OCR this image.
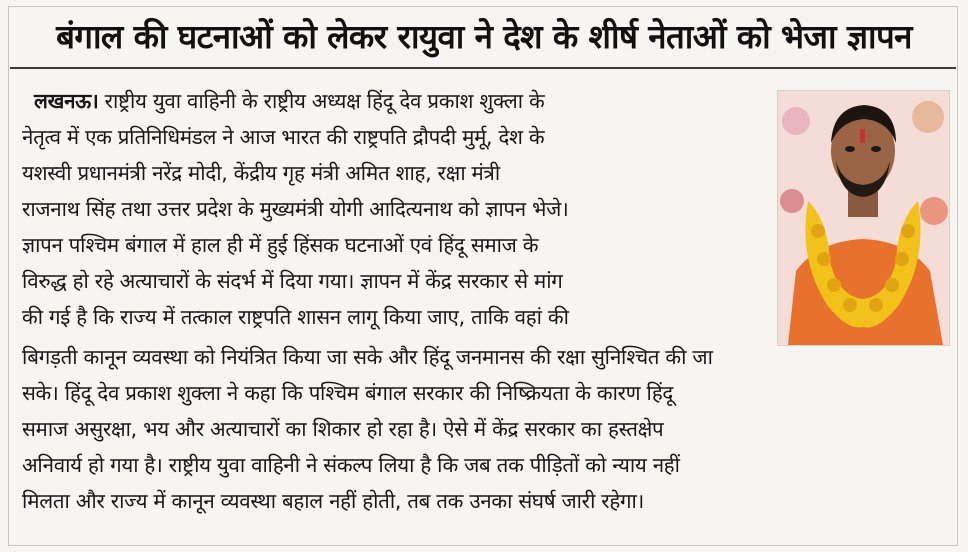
बंगाल की घटनाओं को लेकर रायुवा ने देश के शीर्ष नेताओं को भेजा ज्ञापन
लखनऊ। राष्ट्रीय युवा वाहिनी के राष्ट्रीय अध्यक्ष हिंदू देव प्रकाश शुक्ला के
नेतृत्व में एक प्रतिनिधिमंडल ने आज भारत की राष्ट्रपति द्रौपदी मुर्मू, देश के
यशस्वी प्रधानमंत्री नरेंद्र मोदी, केंद्रीय गृह मंत्री अमित शाह, रक्षा मंत्री
राजनाथ सिंह तथा उत्तर प्रदेश के मुख्यमंत्री योगी आदित्यनाथ को ज्ञापन भेजे।
ज्ञापन पश्चिम बंगाल में हाल ही में हुई हिंसक घटनाओं एवं हिंदू समाज के
विरुद्ध हो रहे अत्याचारों के संदर्भ में दिया गया। ज्ञापन में केंद्र सरकार से मांग
की गई है कि राज्य में तत्काल राष्ट्रपति शासन लागू किया जाए, ताकि वहां की
बिगड़ती कानून व्यवस्था को नियंत्रित किया जा सके और हिंदू जनमानस की रक्षा सुनिश्चित की जा
सके। हिंदू देव प्रकाश शुक्ला ने कहा कि पश्चिम बंगाल सरकार की निष्क्रियता के कारण हिंदू
समाज असुरक्षा, भय और अत्याचारों का शिकार हो रहा है। ऐसे में केंद्र सरकार का हस्तक्षेप
अनिवार्य हो गया है। राष्ट्रीय युवा वाहिनी ने संकल्प लिया है कि जब तक पीड़ितों को न्याय नहीं
मिलता और राज्य में कानून व्यवस्था बहाल नहीं होती, तब तक उनका संघर्ष जारी रहेगा।
